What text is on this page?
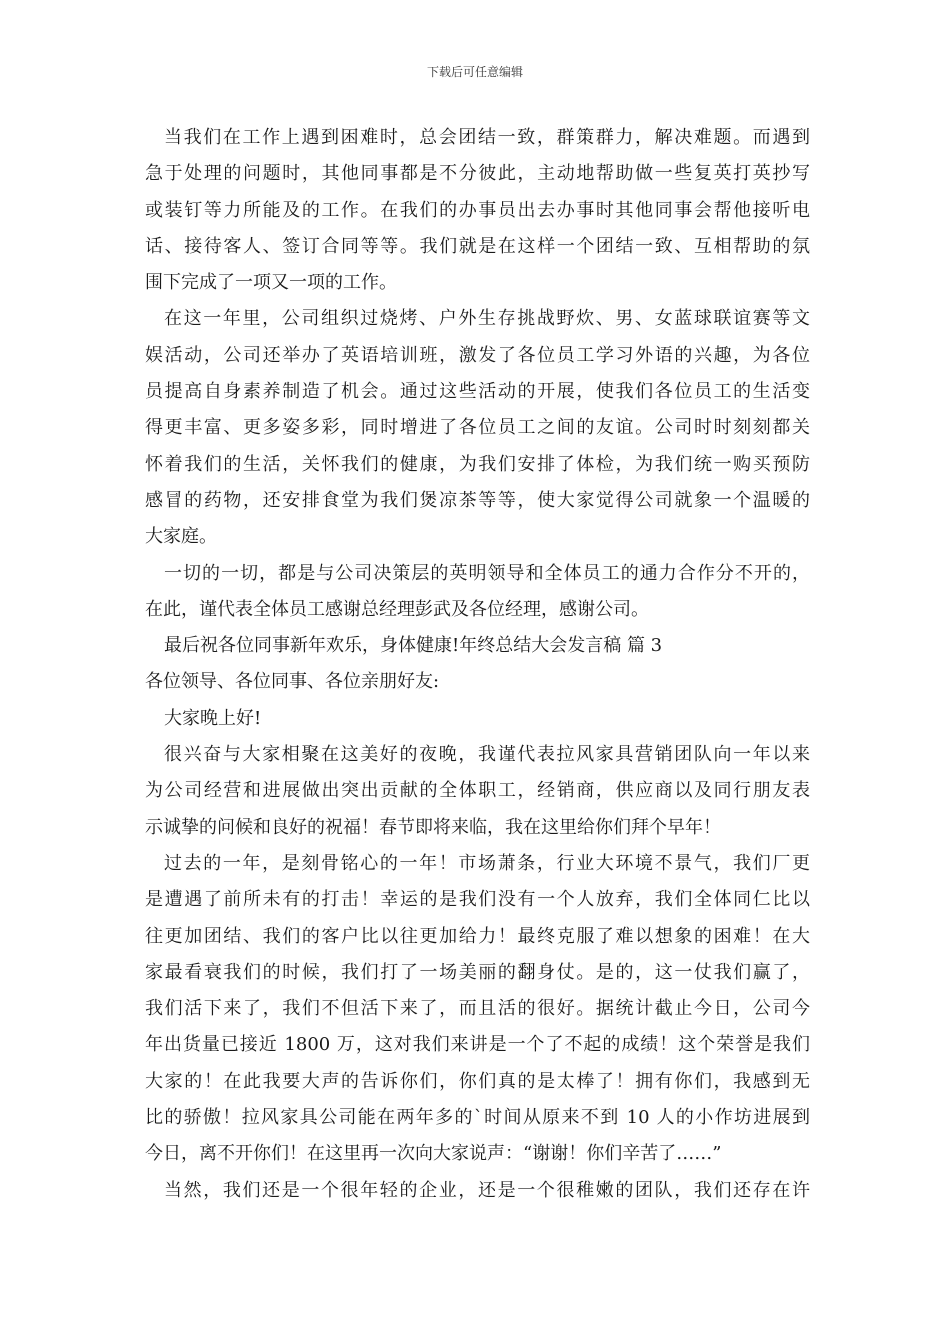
下载后可任意编辑
当我们在工作上遇到困难时，总会团结一致，群策群力，解决难题。而遇到
急于处理的问题时，其他同事都是不分彼此，主动地帮助做一些复英打英抄写
或装钉等力所能及的工作。在我们的办事员出去办事时其他同事会帮他接听电
话、接待客人、签订合同等等。我们就是在这样一个团结一致、互相帮助的氛
围下完成了一项又一项的工作。
在这一年里，公司组织过烧烤、户外生存挑战野炊、男、女蓝球联谊赛等文
娱活动，公司还举办了英语培训班，激发了各位员工学习外语的兴趣，为各位
员提高自身素养制造了机会。通过这些活动的开展，使我们各位员工的生活变
得更丰富、更多姿多彩，同时增进了各位员工之间的友谊。公司时时刻刻都关
怀着我们的生活，关怀我们的健康，为我们安排了体检，为我们统一购买预防
感冒的药物，还安排食堂为我们煲凉茶等等，使大家觉得公司就象一个温暖的
大家庭。
一切的一切，都是与公司决策层的英明领导和全体员工的通力合作分不开的，
在此，谨代表全体员工感谢总经理彭武及各位经理，感谢公司。
最后祝各位同事新年欢乐，身体健康!年终总结大会发言稿 篇 3
各位领导、各位同事、各位亲朋好友:
大家晚上好!
很兴奋与大家相聚在这美好的夜晚，我谨代表拉风家具营销团队向一年以来
为公司经营和进展做出突出贡献的全体职工，经销商，供应商以及同行朋友表
示诚挚的问候和良好的祝福！春节即将来临，我在这里给你们拜个早年！
过去的一年，是刻骨铭心的一年！市场萧条，行业大环境不景气，我们厂更
是遭遇了前所未有的打击！幸运的是我们没有一个人放弃，我们全体同仁比以
往更加团结、我们的客户比以往更加给力！最终克服了难以想象的困难！在大
家最看衰我们的时候，我们打了一场美丽的翻身仗。是的，这一仗我们赢了，
我们活下来了，我们不但活下来了，而且活的很好。据统计截止今日，公司今
年出货量已接近 1800 万，这对我们来讲是一个了不起的成绩！这个荣誉是我们
大家的！在此我要大声的告诉你们，你们真的是太棒了！拥有你们，我感到无
比的骄傲！拉风家具公司能在两年多的`时间从原来不到 10 人的小作坊进展到
今日，离不开你们！在这里再一次向大家说声：“谢谢！你们辛苦了……”
当然，我们还是一个很年轻的企业，还是一个很稚嫩的团队，我们还存在许
